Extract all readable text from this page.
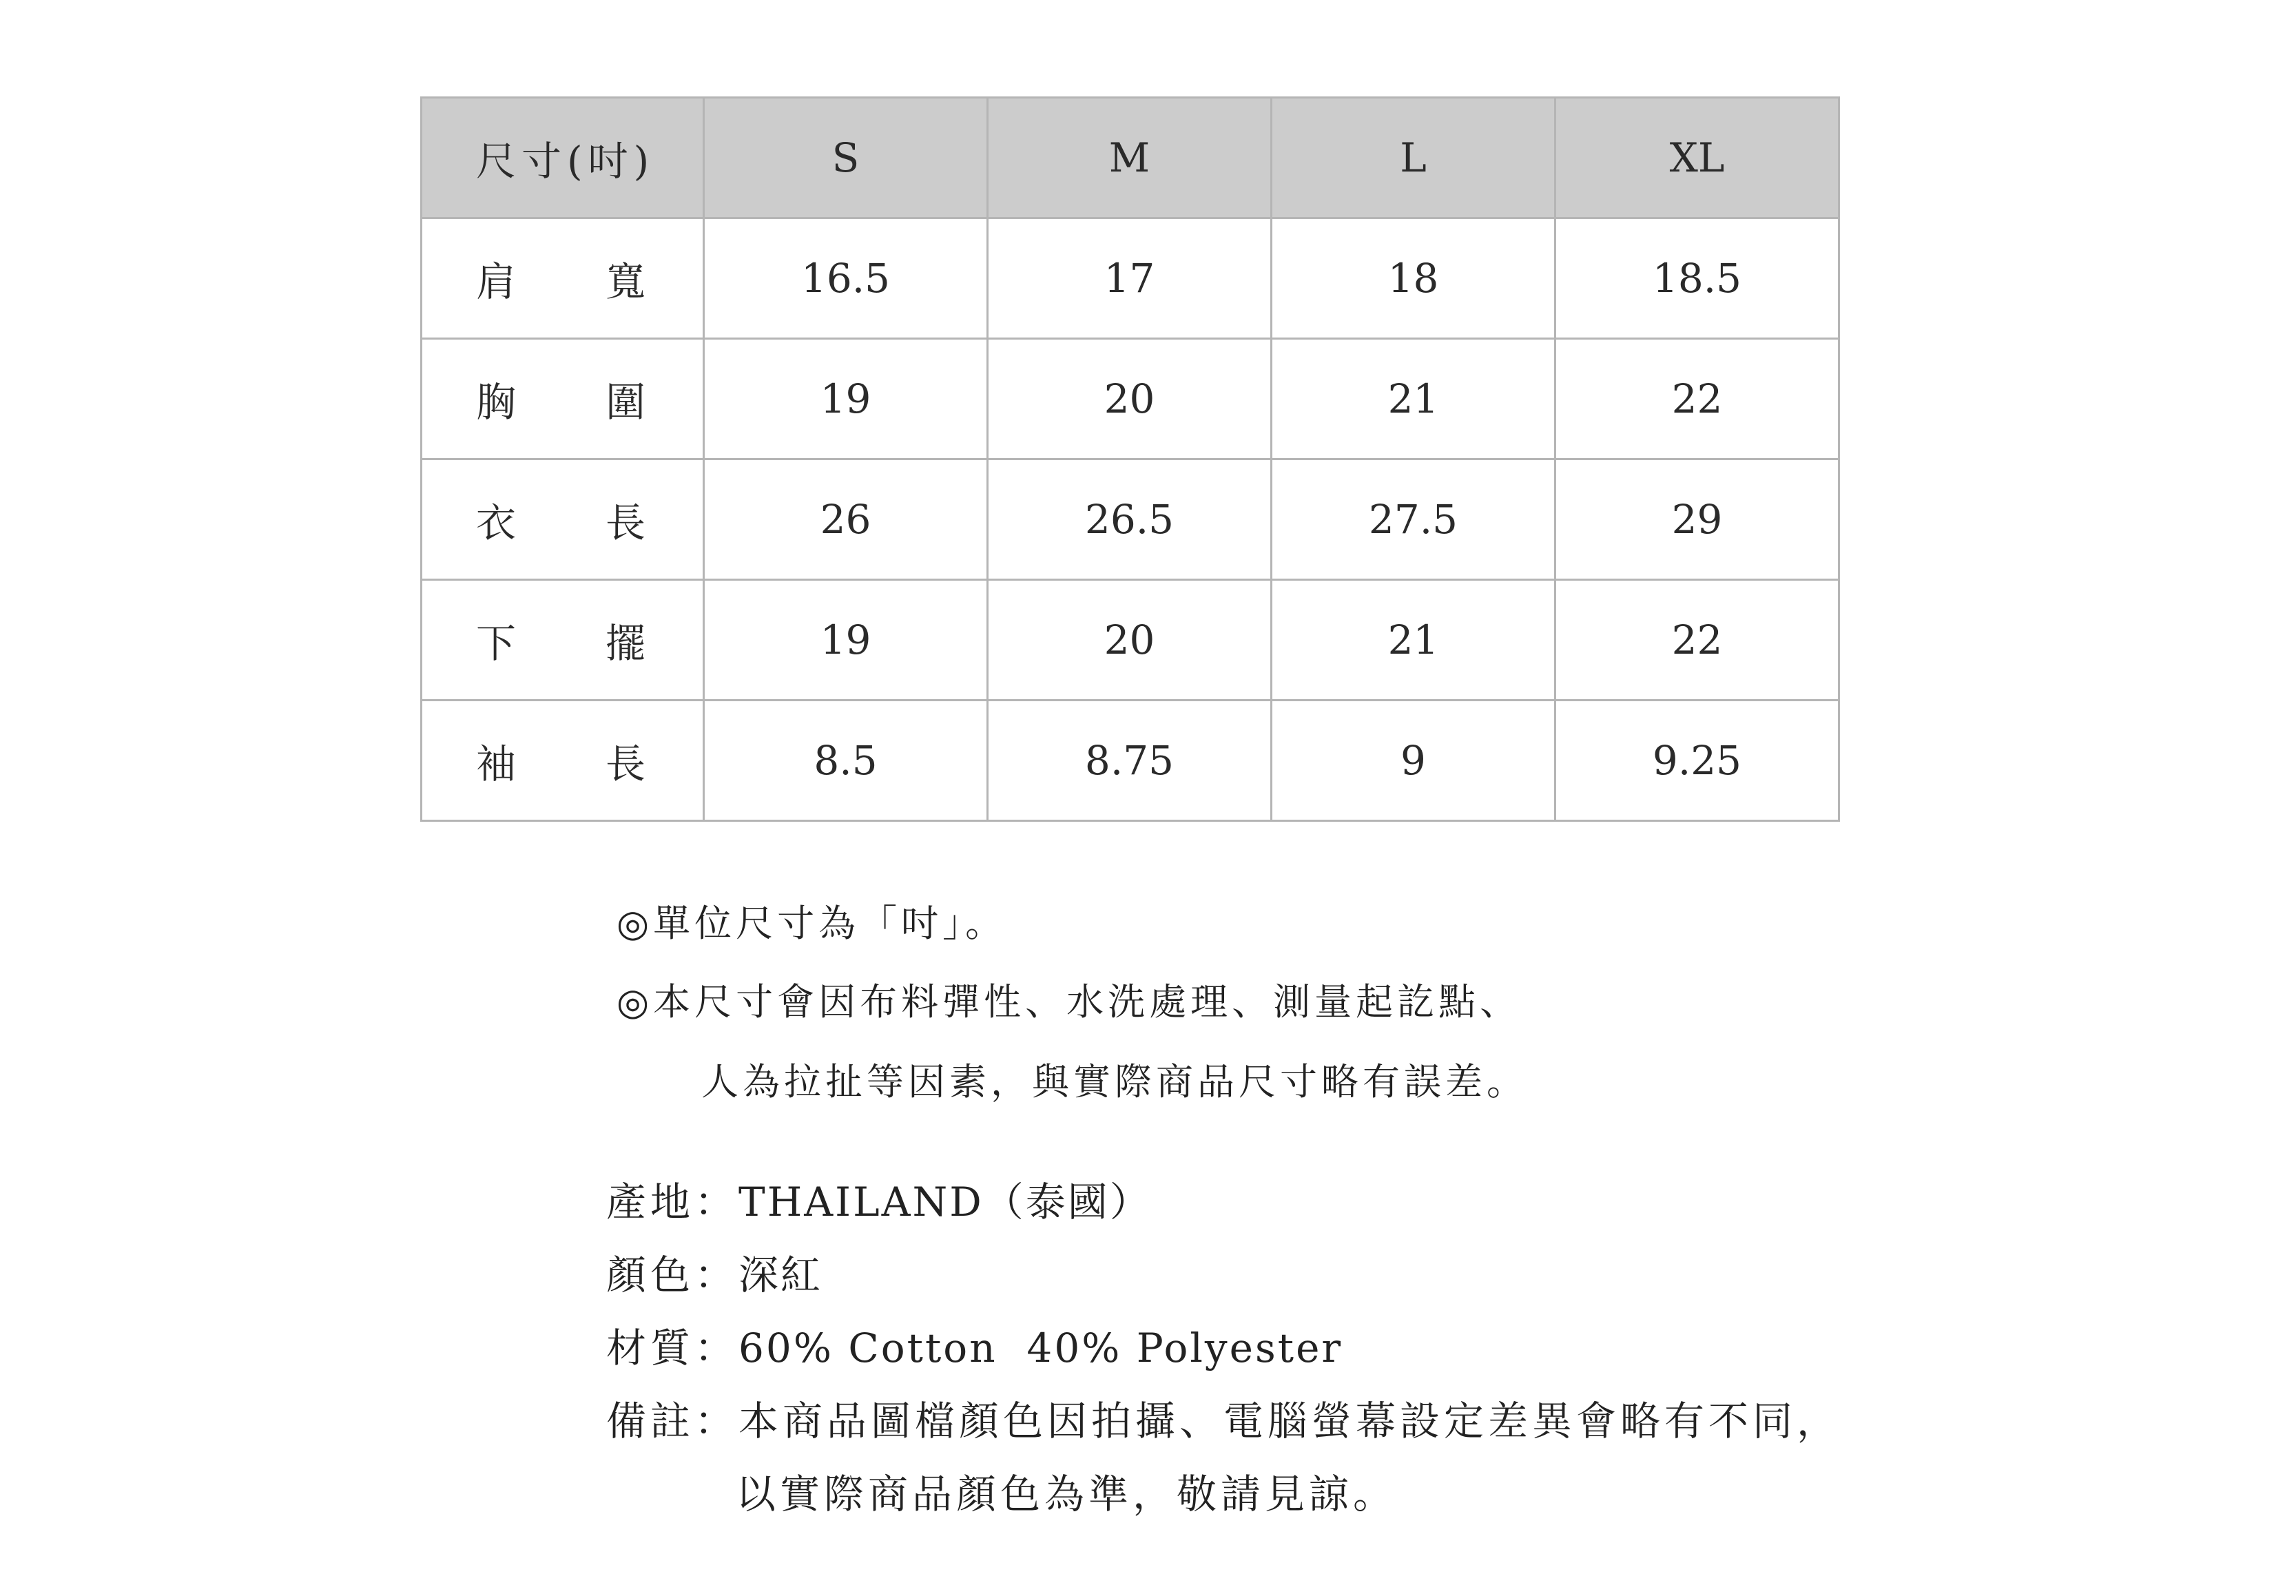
尺寸(吋)	S	M	L	XL
肩 寬	16.5	17	18	18.5
胸 圍	19	20	21	22
衣 長	26	26.5	27.5	29
下 擺	19	20	21	22
袖 長	8.5	8.75	9	9.25
◎單位尺寸為「吋」。
◎本尺寸會因布料彈性、水洗處理、測量起訖點、
人為拉扯等因素，與實際商品尺寸略有誤差。
產地：THAILAND（泰國）
顏色：深紅
材質：60% Cotton  40% Polyester
備註：本商品圖檔顏色因拍攝、電腦螢幕設定差異會略有不同，
以實際商品顏色為準，敬請見諒。
